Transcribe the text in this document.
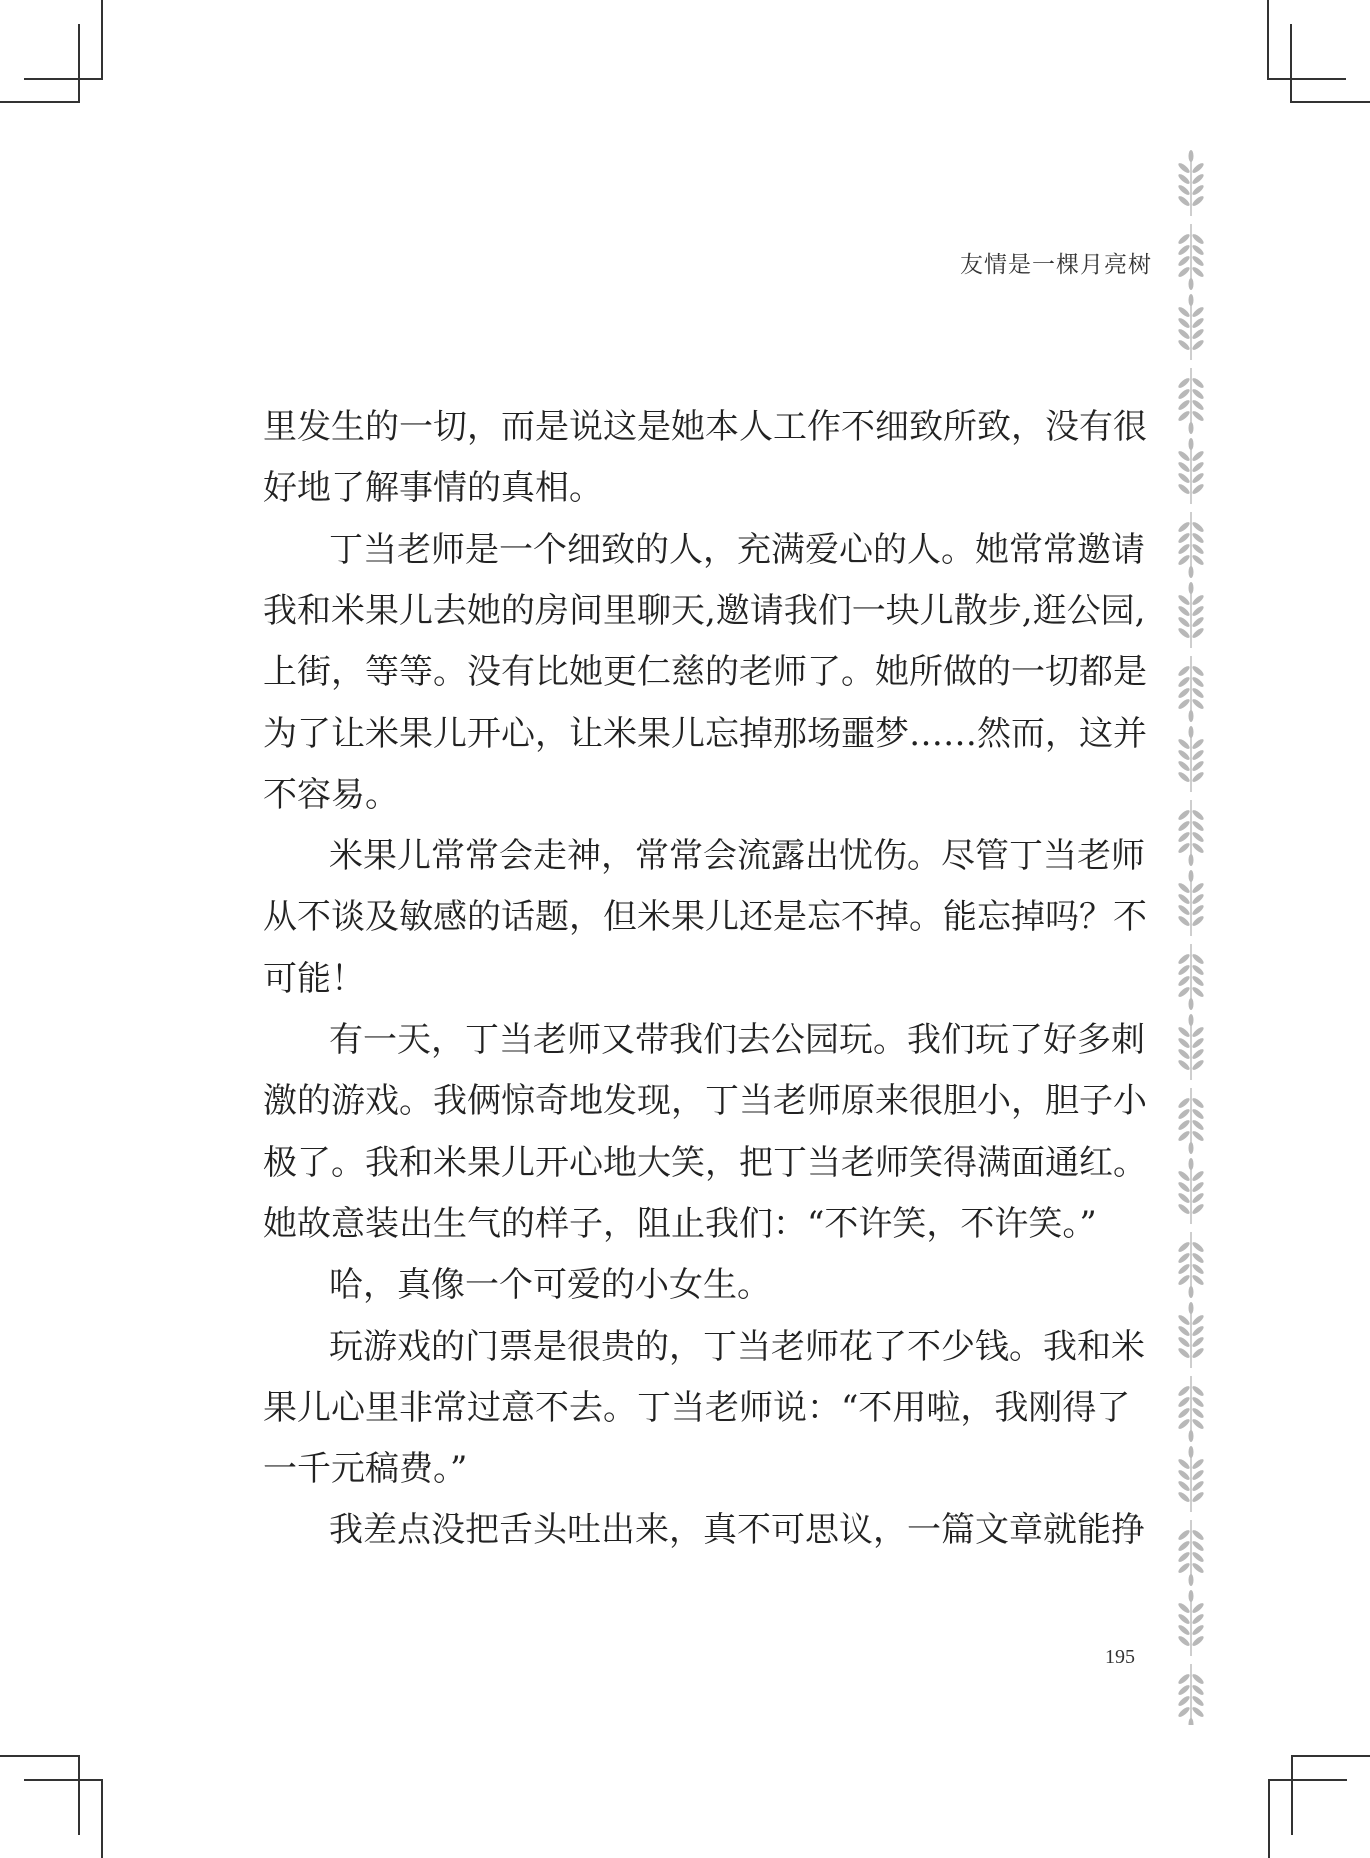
友情是一棵月亮树
里发生的一切，而是说这是她本人工作不细致所致，没有很
好地了解事情的真相。
丁当老师是一个细致的人，充满爱心的人。她常常邀请
我和米果儿去她的房间里聊天,邀请我们一块儿散步,逛公园,
上街，等等。没有比她更仁慈的老师了。她所做的一切都是
为了让米果儿开心，让米果儿忘掉那场噩梦……然而，这并
不容易。
米果儿常常会走神，常常会流露出忧伤。尽管丁当老师
从不谈及敏感的话题，但米果儿还是忘不掉。能忘掉吗？不
可能！
有一天，丁当老师又带我们去公园玩。我们玩了好多刺
激的游戏。我俩惊奇地发现，丁当老师原来很胆小，胆子小
极了。我和米果儿开心地大笑，把丁当老师笑得满面通红。
她故意装出生气的样子，阻止我们：“不许笑，不许笑。”
哈，真像一个可爱的小女生。
玩游戏的门票是很贵的，丁当老师花了不少钱。我和米
果儿心里非常过意不去。丁当老师说：“不用啦，我刚得了
一千元稿费。”
我差点没把舌头吐出来，真不可思议，一篇文章就能挣
195
